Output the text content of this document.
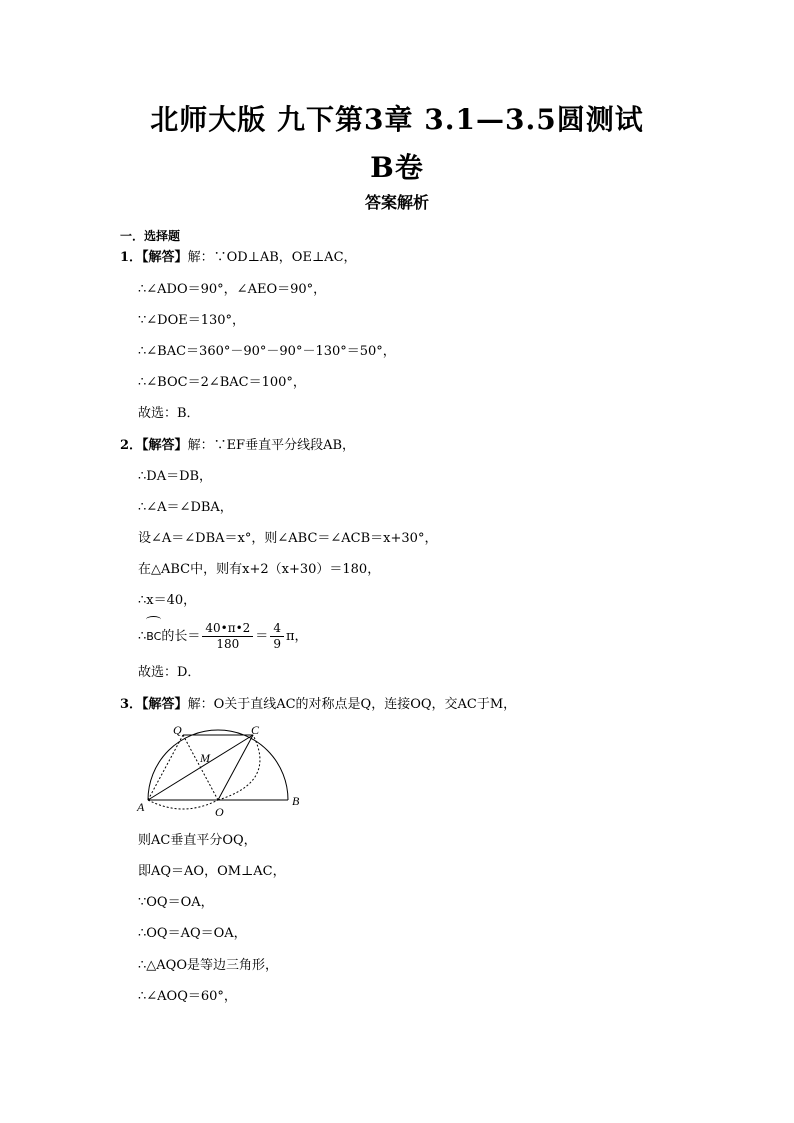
北师大版 九下第3章 3.1—3.5圆测试
B卷
答案解析
一．选择题
1．【解答】解：∵OD⊥AB，OE⊥AC，
∴∠ADO＝90°，∠AEO＝90°，
∵∠DOE＝130°，
∴∠BAC＝360°－90°－90°－130°＝50°，
∴∠BOC＝2∠BAC＝100°，
故选：B．
2．【解答】解：∵EF垂直平分线段AB，
∴DA＝DB，
∴∠A＝∠DBA，
设∠A＝∠DBA＝x°，则∠ABC＝∠ACB＝x+30°，
在△ABC中，则有x+2（x+30）＝180，
∴x＝40，
∴BC的长＝ $\frac{40•\pi•2}{180} = \frac{4}{9}$ π，
故选：D．
3．【解答】解：O关于直线AC的对称点是Q，连接OQ，交AC于M，
Q	C
M
A	O
B
则AC垂直平分OQ，
即AQ＝AO，OM⊥AC，
∵OQ＝OA，
∴OQ＝AQ＝OA，
∴△AQO是等边三角形，
∴∠AOQ＝60°，
